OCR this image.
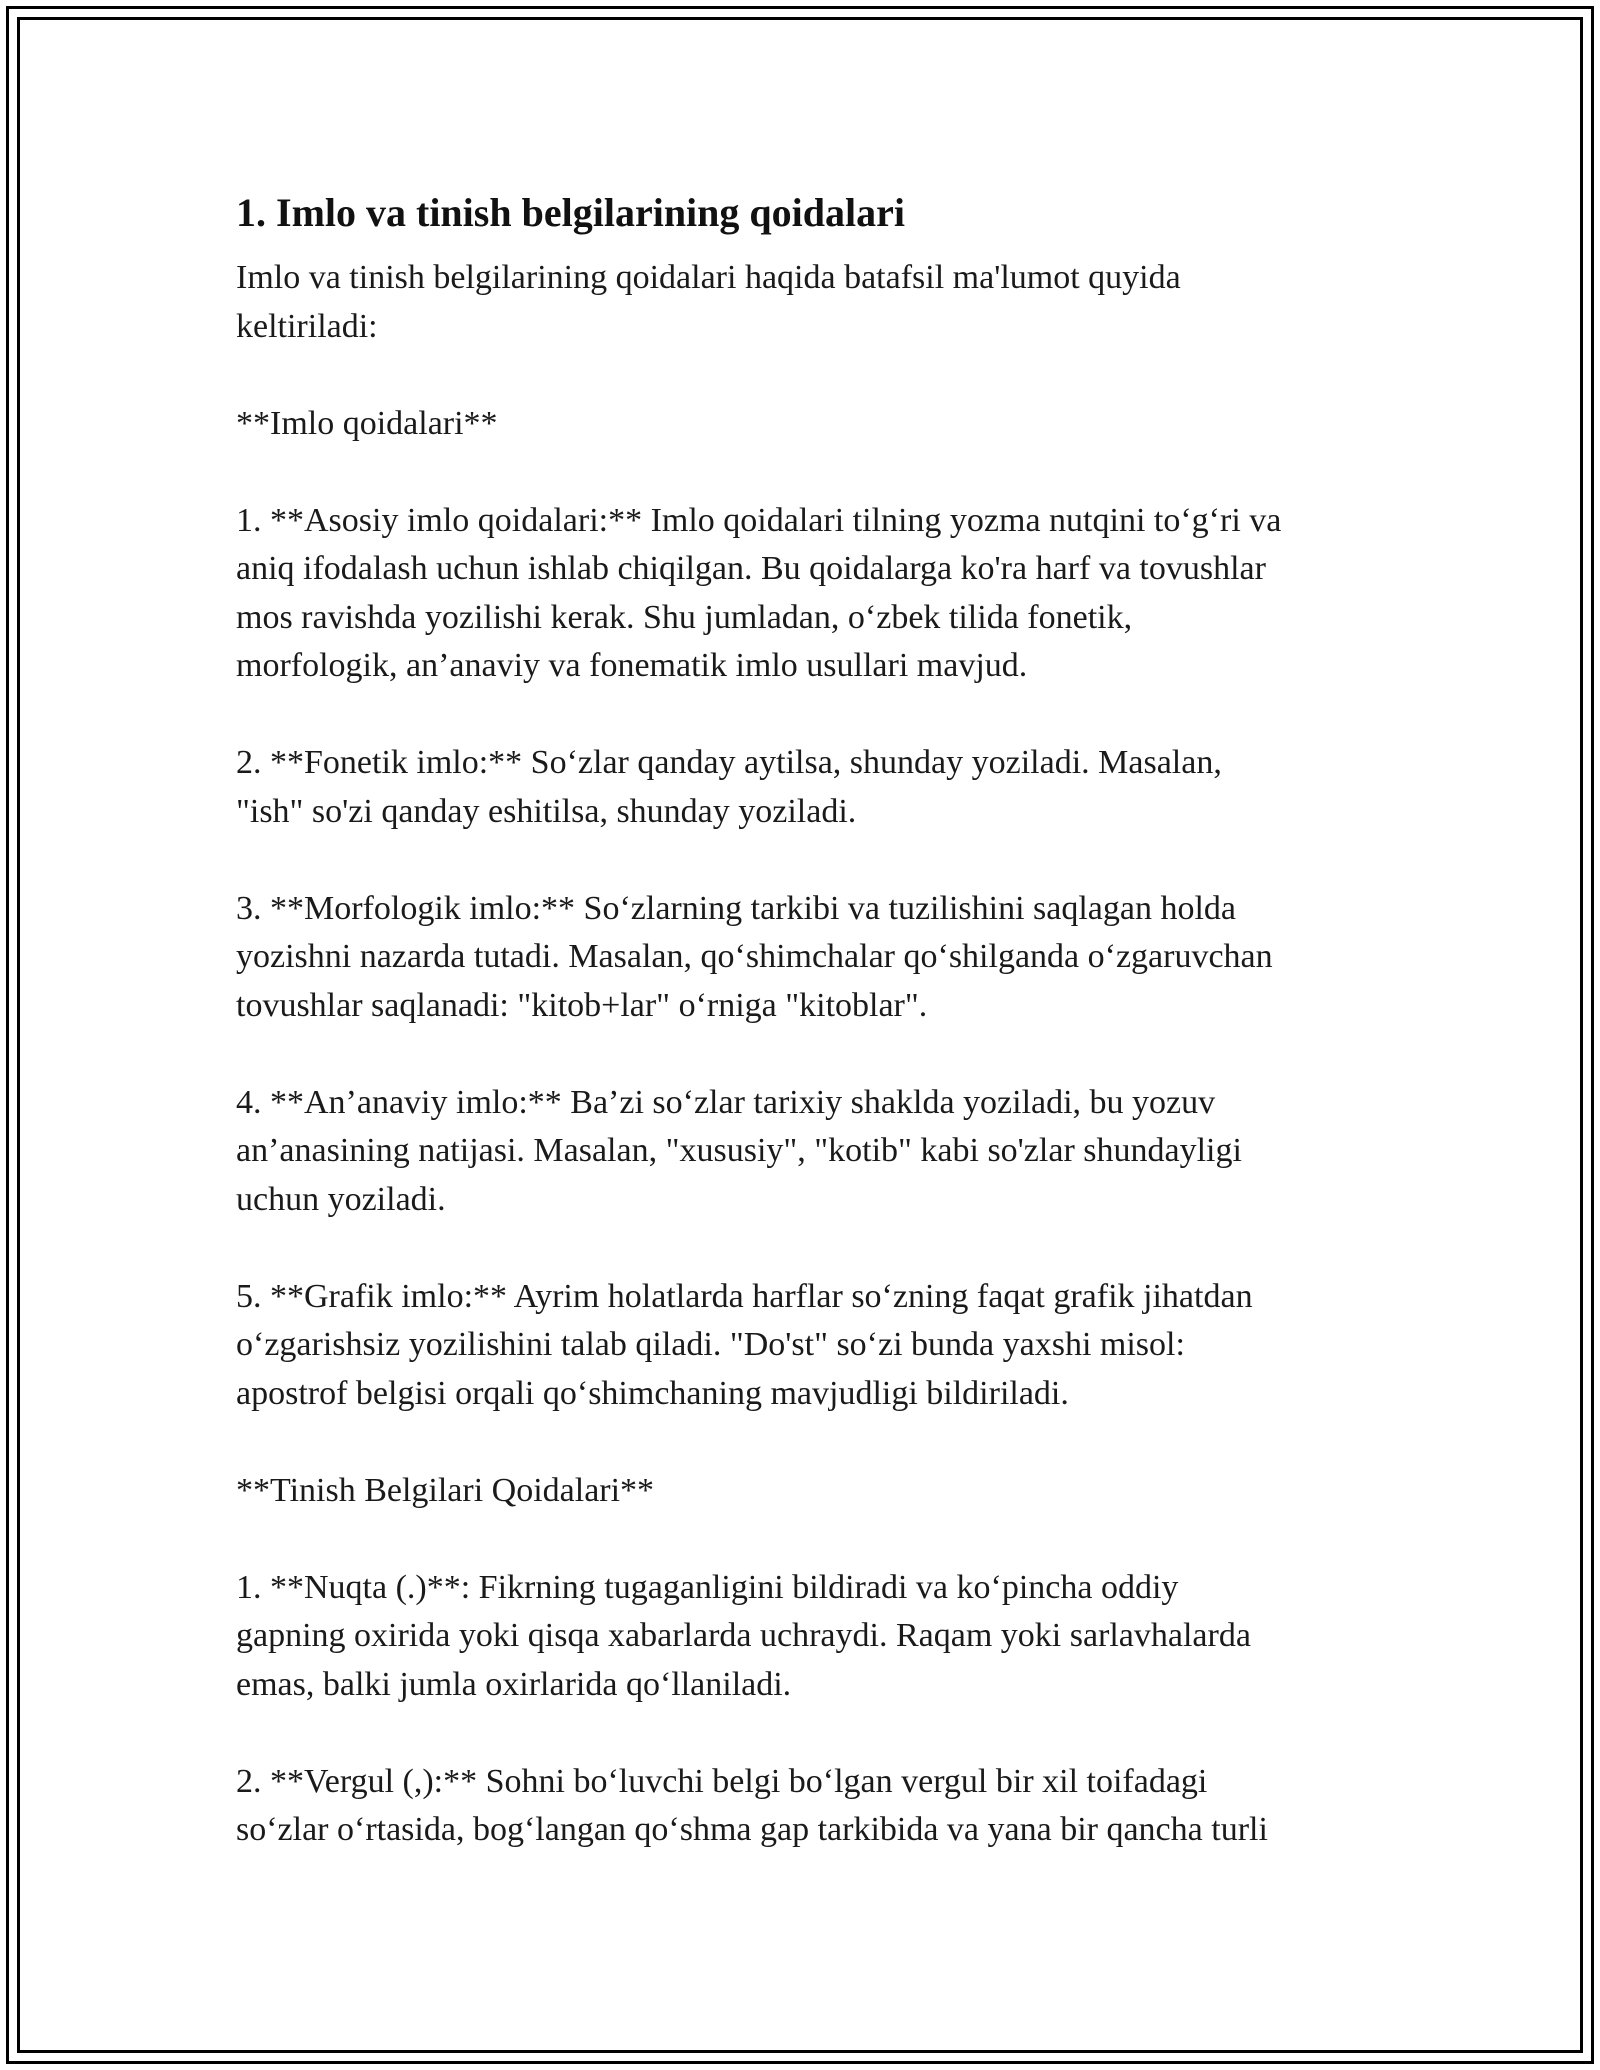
1. Imlo va tinish belgilarining qoidalari

Imlo va tinish belgilarining qoidalari haqida batafsil ma'lumot quyida
keltiriladi:

**Imlo qoidalari**

1. **Asosiy imlo qoidalari:** Imlo qoidalari tilning yozma nutqini to‘g‘ri va
aniq ifodalash uchun ishlab chiqilgan. Bu qoidalarga ko'ra harf va tovushlar
mos ravishda yozilishi kerak. Shu jumladan, o‘zbek tilida fonetik,
morfologik, an’anaviy va fonematik imlo usullari mavjud.

2. **Fonetik imlo:** So‘zlar qanday aytilsa, shunday yoziladi. Masalan,
"ish" so'zi qanday eshitilsa, shunday yoziladi.

3. **Morfologik imlo:** So‘zlarning tarkibi va tuzilishini saqlagan holda
yozishni nazarda tutadi. Masalan, qo‘shimchalar qo‘shilganda o‘zgaruvchan
tovushlar saqlanadi: "kitob+lar" o‘rniga "kitoblar".

4. **An’anaviy imlo:** Ba’zi so‘zlar tarixiy shaklda yoziladi, bu yozuv
an’anasining natijasi. Masalan, "xususiy", "kotib" kabi so'zlar shundayligi
uchun yoziladi.

5. **Grafik imlo:** Ayrim holatlarda harflar so‘zning faqat grafik jihatdan
o‘zgarishsiz yozilishini talab qiladi. "Do'st" so‘zi bunda yaxshi misol:
apostrof belgisi orqali qo‘shimchaning mavjudligi bildiriladi.

**Tinish Belgilari Qoidalari**

1. **Nuqta (.)**: Fikrning tugaganligini bildiradi va ko‘pincha oddiy
gapning oxirida yoki qisqa xabarlarda uchraydi. Raqam yoki sarlavhalarda
emas, balki jumla oxirlarida qo‘llaniladi.

2. **Vergul (,):** Sohni bo‘luvchi belgi bo‘lgan vergul bir xil toifadagi
so‘zlar o‘rtasida, bog‘langan qo‘shma gap tarkibida va yana bir qancha turli
